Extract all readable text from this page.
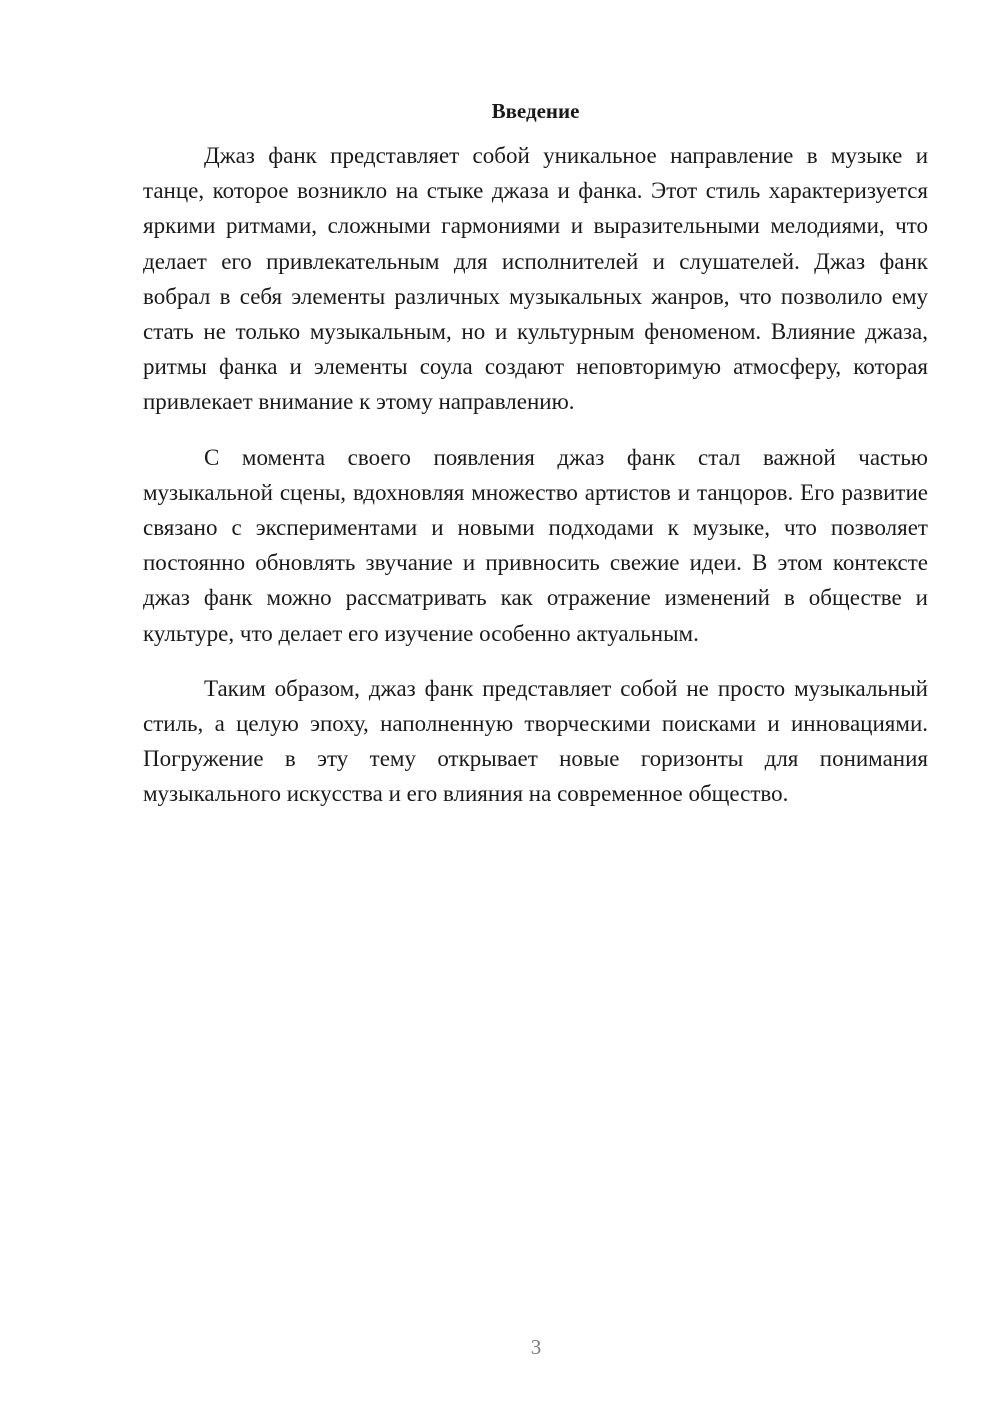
Введение

Джаз фанк представляет собой уникальное направление в музыке и танце, которое возникло на стыке джаза и фанка. Этот стиль характеризуется яркими ритмами, сложными гармониями и выразительными мелодиями, что делает его привлекательным для исполнителей и слушателей. Джаз фанк вобрал в себя элементы различных музыкальных жанров, что позволило ему стать не только музыкальным, но и культурным феноменом. Влияние джаза, ритмы фанка и элементы соула создают неповторимую атмосферу, которая привлекает внимание к этому направлению.

С момента своего появления джаз фанк стал важной частью музыкальной сцены, вдохновляя множество артистов и танцоров. Его развитие связано с экспериментами и новыми подходами к музыке, что позволяет постоянно обновлять звучание и привносить свежие идеи. В этом контексте джаз фанк можно рассматривать как отражение изменений в обществе и культуре, что делает его изучение особенно актуальным.

Таким образом, джаз фанк представляет собой не просто музыкальный стиль, а целую эпоху, наполненную творческими поисками и инновациями. Погружение в эту тему открывает новые горизонты для понимания музыкального искусства и его влияния на современное общество.

3
